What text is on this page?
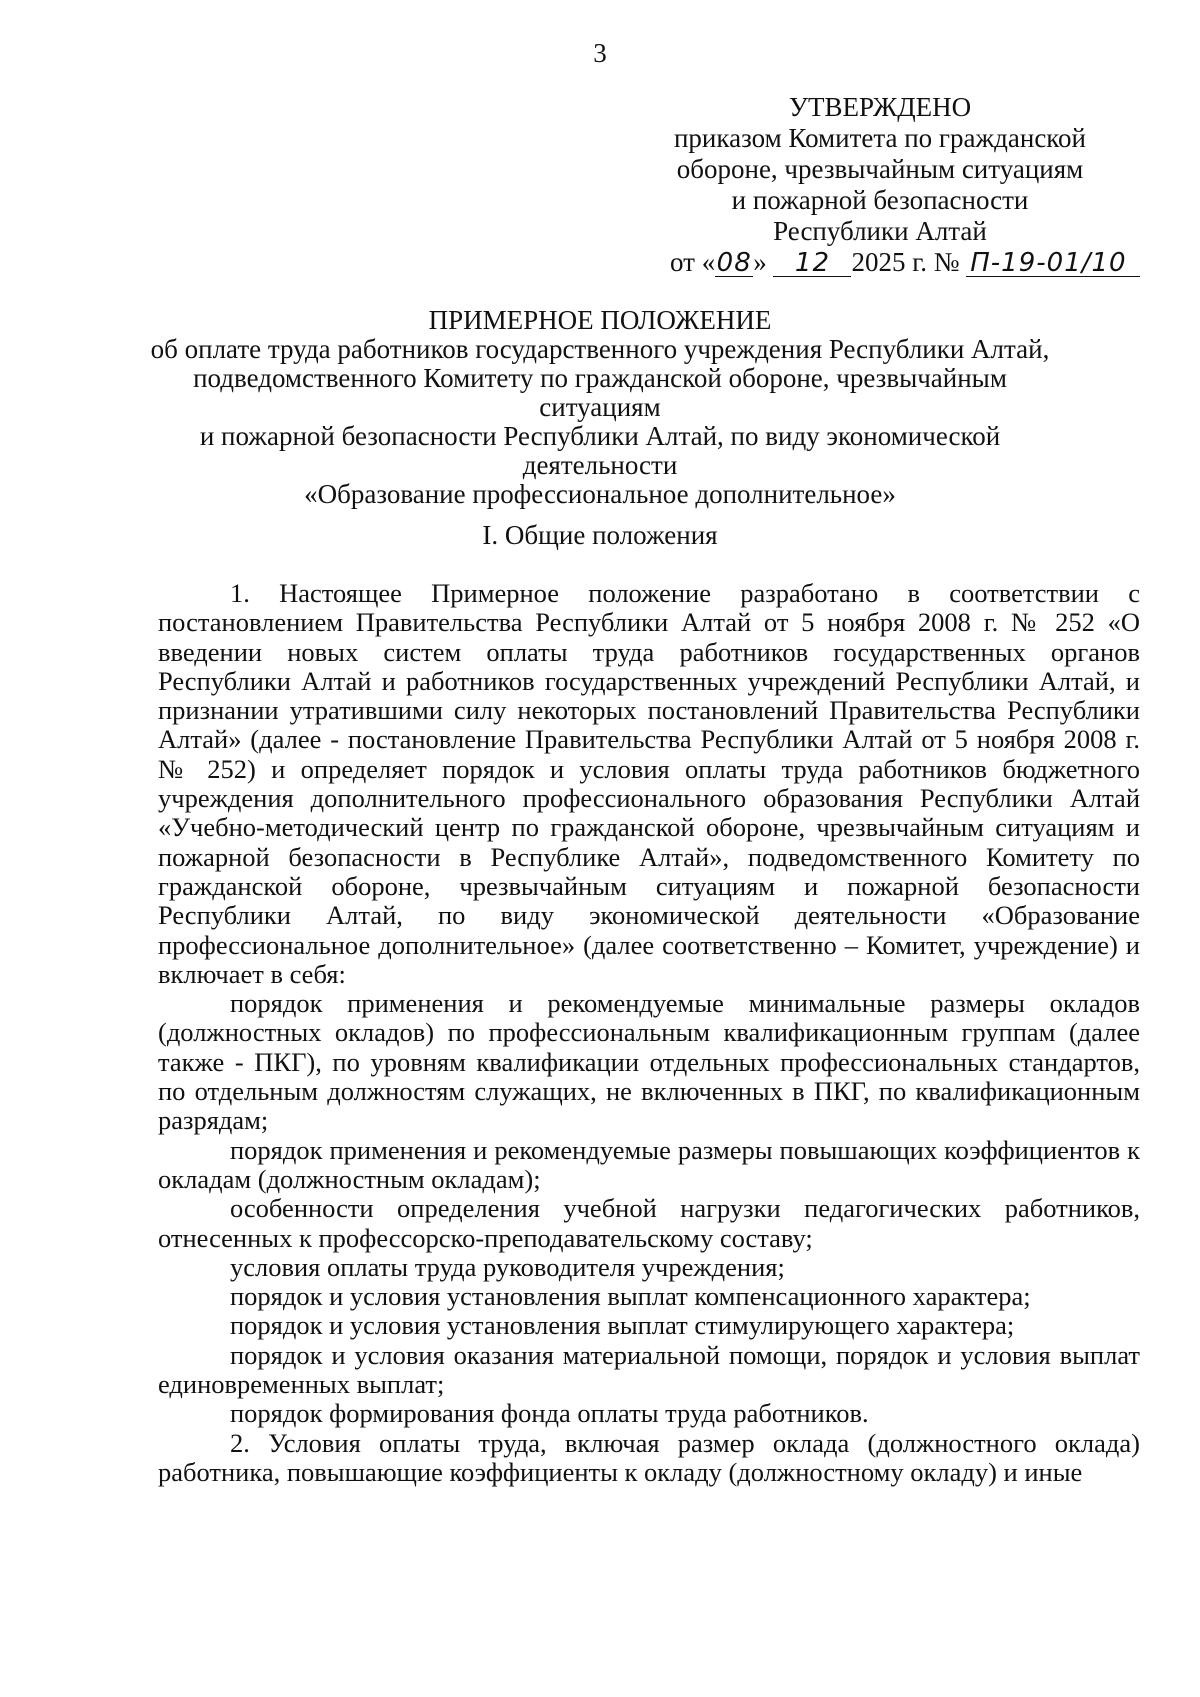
3
УТВЕРЖДЕНО
приказом Комитета по гражданской
обороне, чрезвычайным ситуациям
и пожарной безопасности
Республики Алтай
от «08» 12 2025 г. № П-19-01/10
ПРИМЕРНОЕ ПОЛОЖЕНИЕ
об оплате труда работников государственного учреждения Республики Алтай,
подведомственного Комитету по гражданской обороне, чрезвычайным ситуациям
и пожарной безопасности Республики Алтай, по виду экономической деятельности
«Образование профессиональное дополнительное»
I. Общие положения

1. Настоящее Примерное положение разработано в соответствии с постановлением Правительства Республики Алтай от 5 ноября 2008 г. № 252 «О введении новых систем оплаты труда работников государственных органов Республики Алтай и работников государственных учреждений Республики Алтай, и признании утратившими силу некоторых постановлений Правительства Республики Алтай» (далее - постановление Правительства Республики Алтай от 5 ноября 2008 г. № 252) и определяет порядок и условия оплаты труда работников бюджетного учреждения дополнительного профессионального образования Республики Алтай «Учебно-методический центр по гражданской обороне, чрезвычайным ситуациям и пожарной безопасности в Республике Алтай», подведомственного Комитету по гражданской обороне, чрезвычайным ситуациям и пожарной безопасности Республики Алтай, по виду экономической деятельности «Образование профессиональное дополнительное» (далее соответственно – Комитет, учреждение) и включает в себя:

порядок применения и рекомендуемые минимальные размеры окладов (должностных окладов) по профессиональным квалификационным группам (далее также - ПКГ), по уровням квалификации отдельных профессиональных стандартов, по отдельным должностям служащих, не включенных в ПКГ, по квалификационным разрядам;

порядок применения и рекомендуемые размеры повышающих коэффициентов к окладам (должностным окладам);

особенности определения учебной нагрузки педагогических работников, отнесенных к профессорско-преподавательскому составу;

условия оплаты труда руководителя учреждения;

порядок и условия установления выплат компенсационного характера;

порядок и условия установления выплат стимулирующего характера;

порядок и условия оказания материальной помощи, порядок и условия выплат единовременных выплат;

порядок формирования фонда оплаты труда работников.

2. Условия оплаты труда, включая размер оклада (должностного оклада) работника, повышающие коэффициенты к окладу (должностному окладу) и иные
